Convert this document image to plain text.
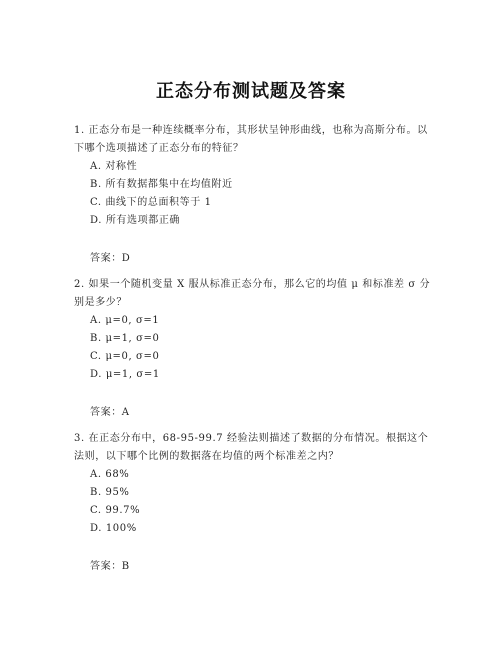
正态分布测试题及答案

1. 正态分布是一种连续概率分布，其形状呈钟形曲线，也称为高斯分布。以下哪个选项描述了正态分布的特征？

A. 对称性
B. 所有数据都集中在均值附近
C. 曲线下的总面积等于 1
D. 所有选项都正确
答案：D

2. 如果一个随机变量 X 服从标准正态分布，那么它的均值 μ 和标准差 σ 分别是多少？

A. μ=0, σ=1
B. μ=1, σ=0
C. μ=0, σ=0
D. μ=1, σ=1
答案：A

3. 在正态分布中，68-95-99.7 经验法则描述了数据的分布情况。根据这个法则，以下哪个比例的数据落在均值的两个标准差之内？

A. 68%
B. 95%
C. 99.7%
D. 100%
答案：B
